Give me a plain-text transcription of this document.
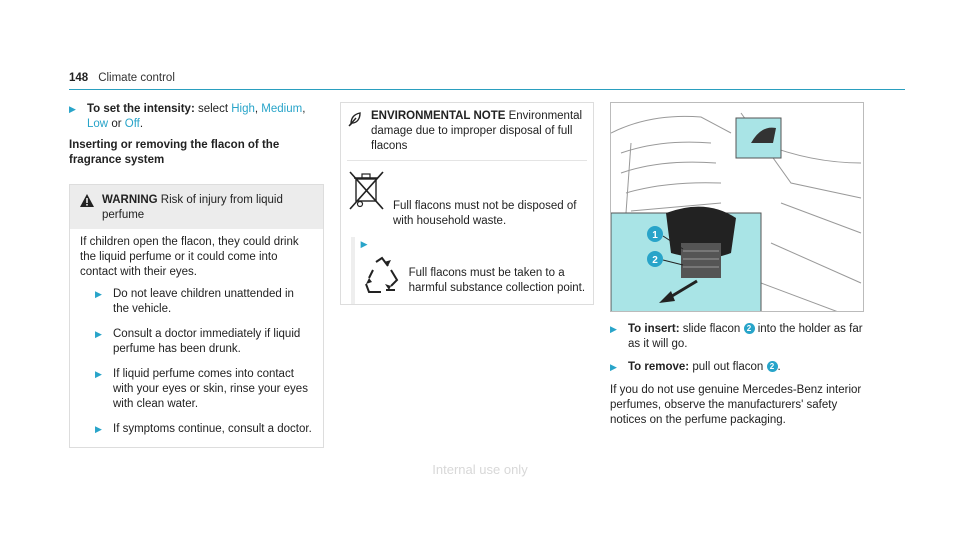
148 Climate control
▶ To set the intensity: select High, Medium, Low or Off.
Inserting or removing the flacon of the fragrance system
WARNING Risk of injury from liquid perfume

If children open the flacon, they could drink the liquid perfume or it could come into contact with their eyes.

▶ Do not leave children unattended in the vehicle.
▶ Consult a doctor immediately if liquid perfume has been drunk.
▶ If liquid perfume comes into contact with your eyes or skin, rinse your eyes with clean water.
▶ If symptoms continue, consult a doctor.
ENVIRONMENTAL NOTE Environmental damage due to improper disposal of full flacons
Full flacons must not be disposed of with household waste.
▶
Full flacons must be taken to a harmful substance collection point.
1
2
▶ To insert: slide flacon 2 into the holder as far as it will go.
▶ To remove: pull out flacon 2 .

If you do not use genuine Mercedes-Benz interior perfumes, observe the manufacturers' safety notices on the perfume packaging.

Internal use only
